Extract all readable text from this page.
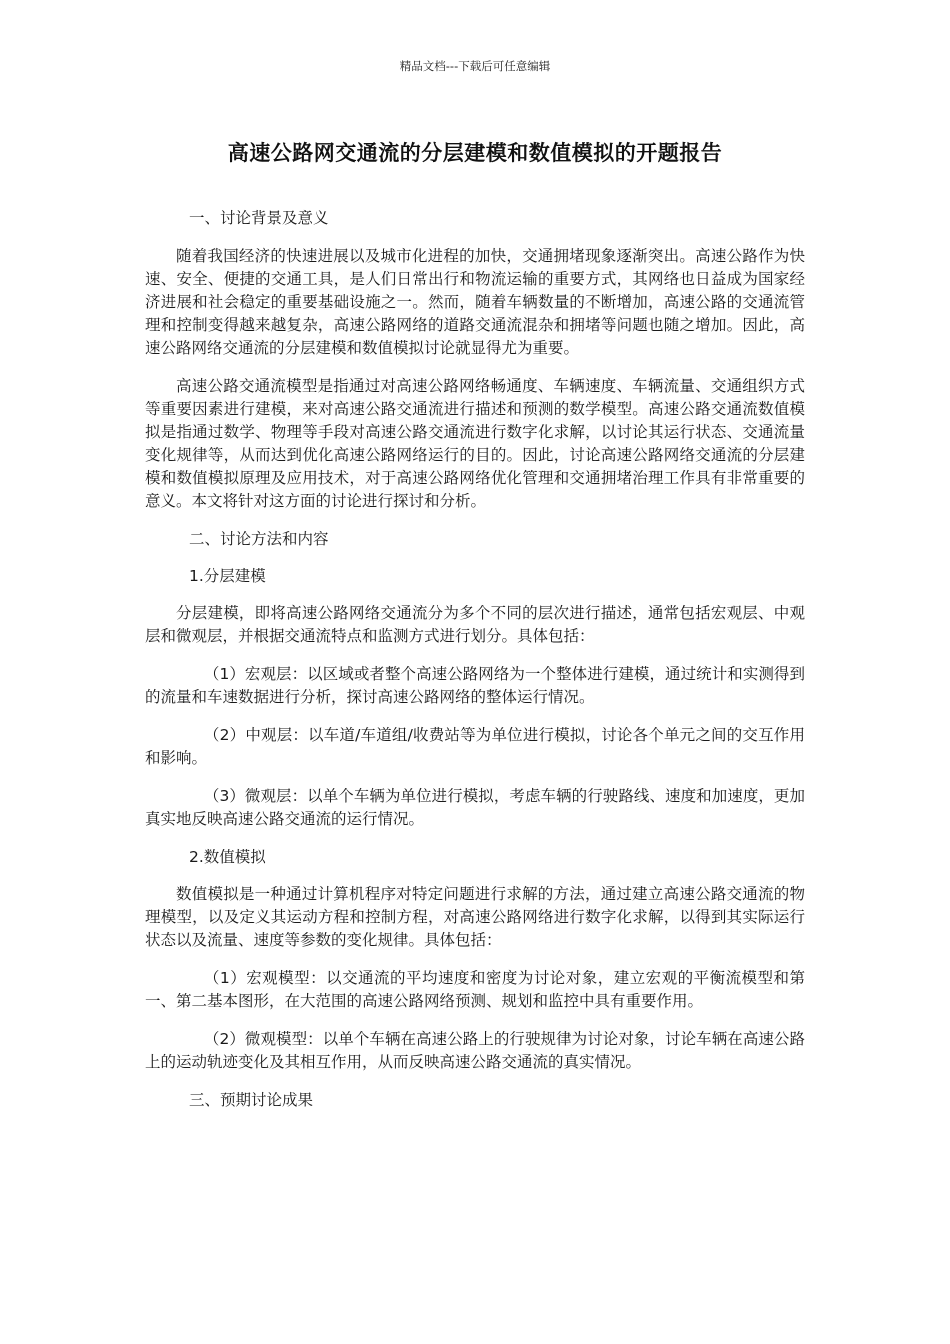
精品文档---下载后可任意编辑
高速公路网交通流的分层建模和数值模拟的开题报告

一、讨论背景及意义

随着我国经济的快速进展以及城市化进程的加快，交通拥堵现象逐渐突出。高速公路作为快速、安全、便捷的交通工具，是人们日常出行和物流运输的重要方式，其网络也日益成为国家经济进展和社会稳定的重要基础设施之一。然而，随着车辆数量的不断增加，高速公路的交通流管理和控制变得越来越复杂，高速公路网络的道路交通流混杂和拥堵等问题也随之增加。因此，高速公路网络交通流的分层建模和数值模拟讨论就显得尤为重要。

高速公路交通流模型是指通过对高速公路网络畅通度、车辆速度、车辆流量、交通组织方式等重要因素进行建模，来对高速公路交通流进行描述和预测的数学模型。高速公路交通流数值模拟是指通过数学、物理等手段对高速公路交通流进行数字化求解，以讨论其运行状态、交通流量变化规律等，从而达到优化高速公路网络运行的目的。因此，讨论高速公路网络交通流的分层建模和数值模拟原理及应用技术，对于高速公路网络优化管理和交通拥堵治理工作具有非常重要的意义。本文将针对这方面的讨论进行探讨和分析。

二、讨论方法和内容

1.分层建模

分层建模，即将高速公路网络交通流分为多个不同的层次进行描述，通常包括宏观层、中观层和微观层，并根据交通流特点和监测方式进行划分。具体包括：

（1）宏观层：以区域或者整个高速公路网络为一个整体进行建模，通过统计和实测得到的流量和车速数据进行分析，探讨高速公路网络的整体运行情况。

（2）中观层：以车道/车道组/收费站等为单位进行模拟，讨论各个单元之间的交互作用和影响。

（3）微观层：以单个车辆为单位进行模拟，考虑车辆的行驶路线、速度和加速度，更加真实地反映高速公路交通流的运行情况。

2.数值模拟

数值模拟是一种通过计算机程序对特定问题进行求解的方法，通过建立高速公路交通流的物理模型，以及定义其运动方程和控制方程，对高速公路网络进行数字化求解，以得到其实际运行状态以及流量、速度等参数的变化规律。具体包括：

（1）宏观模型：以交通流的平均速度和密度为讨论对象，建立宏观的平衡流模型和第一、第二基本图形，在大范围的高速公路网络预测、规划和监控中具有重要作用。

（2）微观模型：以单个车辆在高速公路上的行驶规律为讨论对象，讨论车辆在高速公路上的运动轨迹变化及其相互作用，从而反映高速公路交通流的真实情况。

三、预期讨论成果
